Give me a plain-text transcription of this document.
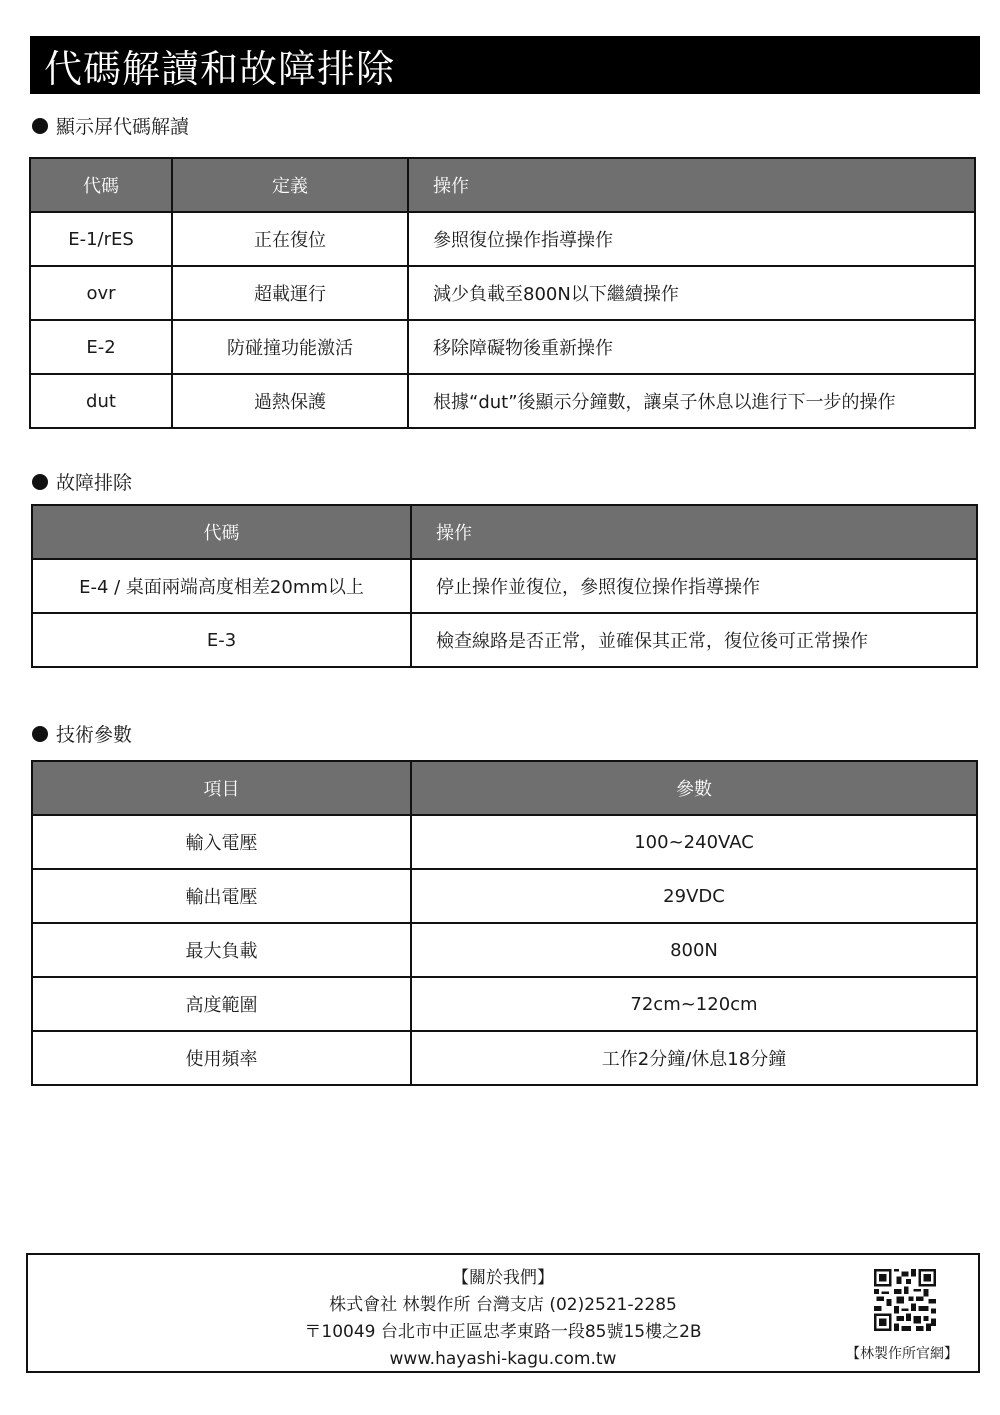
代碼解讀和故障排除
顯示屏代碼解讀
代碼	定義	操作
E-1/rES	正在復位	參照復位操作指導操作
ovr	超載運行	減少負載至800N以下繼續操作
E-2	防碰撞功能激活	移除障礙物後重新操作
dut	過熱保護	根據“dut”後顯示分鐘數，讓桌子休息以進行下一步的操作
故障排除
代碼	操作
E-4 / 桌面兩端高度相差20mm以上	停止操作並復位，參照復位操作指導操作
E-3	檢查線路是否正常，並確保其正常，復位後可正常操作
技術參數
項目	參數
輸入電壓	100~240VAC
輸出電壓	29VDC
最大負載	800N
高度範圍	72cm~120cm
使用頻率	工作2分鐘/休息18分鐘
【關於我們】
株式會社 林製作所 台灣支店 (02)2521-2285
〒10049 台北市中正區忠孝東路一段85號15樓之2B
www.hayashi-kagu.com.tw	【林製作所官網】
